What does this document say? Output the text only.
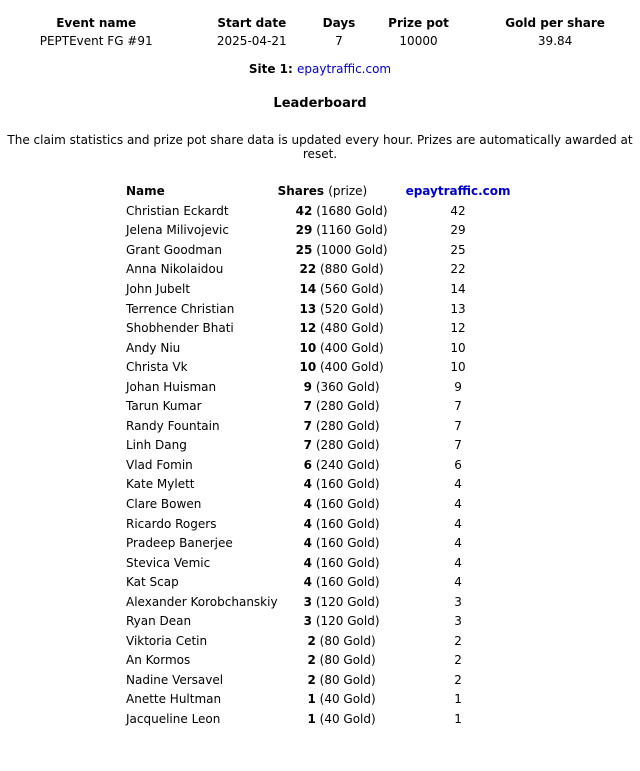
Event name	Start date	Days	Prize pot	Gold per share
PEPTEvent FG #91	2025-04-21	7	10000	39.84
Site 1: epaytraffic.com
Leaderboard
The claim statistics and prize pot share data is updated every hour. Prizes are automatically awarded at reset.
Name	Shares (prize)	epaytraffic.com
Christian Eckardt	42 (1680 Gold)	42
Jelena Milivojevic	29 (1160 Gold)	29
Grant Goodman	25 (1000 Gold)	25
Anna Nikolaidou	22 (880 Gold)	22
John Jubelt	14 (560 Gold)	14
Terrence Christian	13 (520 Gold)	13
Shobhender Bhati	12 (480 Gold)	12
Andy Niu	10 (400 Gold)	10
Christa Vk	10 (400 Gold)	10
Johan Huisman	9 (360 Gold)	9
Tarun Kumar	7 (280 Gold)	7
Randy Fountain	7 (280 Gold)	7
Linh Dang	7 (280 Gold)	7
Vlad Fomin	6 (240 Gold)	6
Kate Mylett	4 (160 Gold)	4
Clare Bowen	4 (160 Gold)	4
Ricardo Rogers	4 (160 Gold)	4
Pradeep Banerjee	4 (160 Gold)	4
Stevica Vemic	4 (160 Gold)	4
Kat Scap	4 (160 Gold)	4
Alexander Korobchanskiy	3 (120 Gold)	3
Ryan Dean	3 (120 Gold)	3
Viktoria Cetin	2 (80 Gold)	2
An Kormos	2 (80 Gold)	2
Nadine Versavel	2 (80 Gold)	2
Anette Hultman	1 (40 Gold)	1
Jacqueline Leon	1 (40 Gold)	1
